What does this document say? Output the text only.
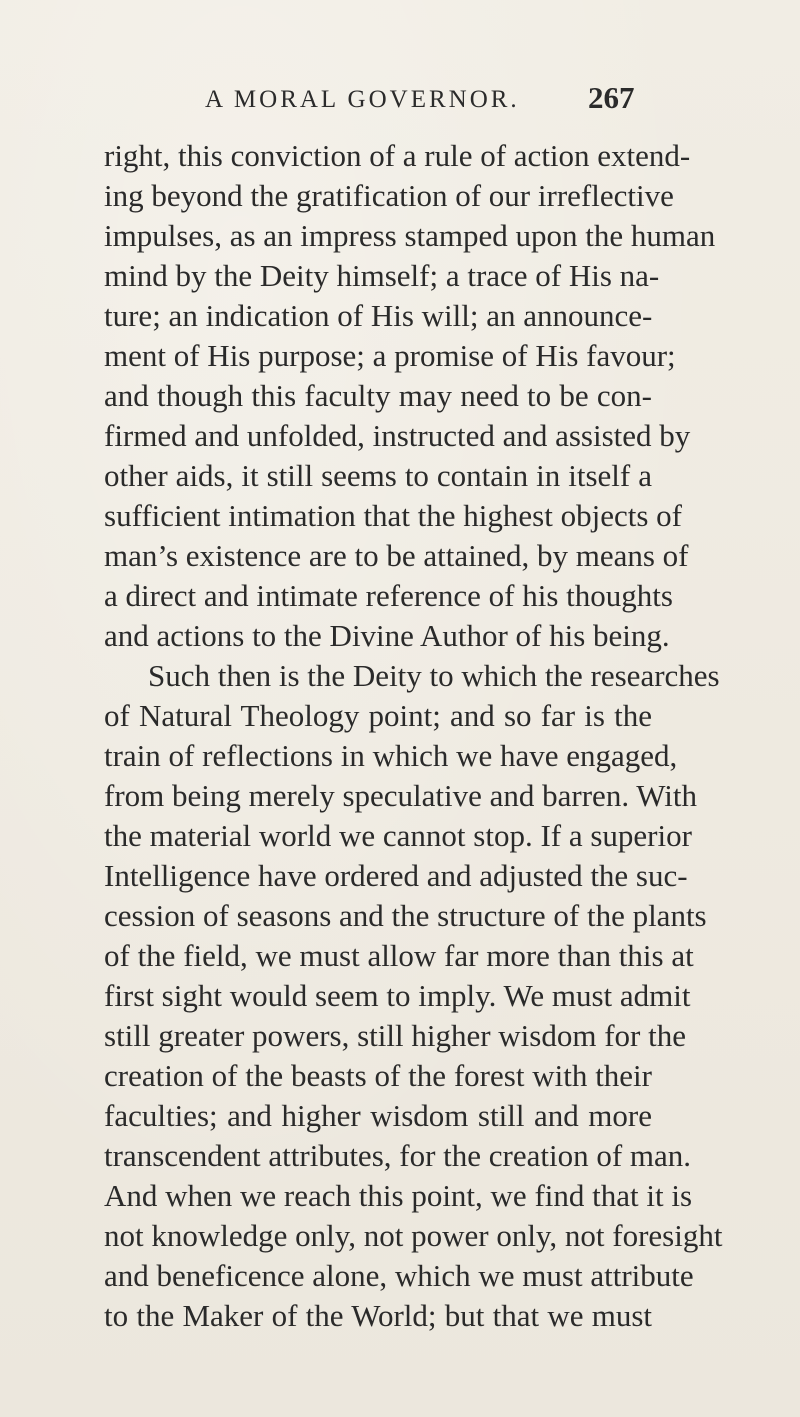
A MORAL GOVERNOR. 267
right, this conviction of a rule of action extend-
ing beyond the gratification of our irreflective
impulses, as an impress stamped upon the human
mind by the Deity himself; a trace of His na-
ture; an indication of His will; an announce-
ment of His purpose; a promise of His favour;
and though this faculty may need to be con-
firmed and unfolded, instructed and assisted by
other aids, it still seems to contain in itself a
sufficient intimation that the highest objects of
man’s existence are to be attained, by means of
a direct and intimate reference of his thoughts
and actions to the Divine Author of his being.
Such then is the Deity to which the researches
of Natural Theology point; and so far is the
train of reflections in which we have engaged,
from being merely speculative and barren. With
the material world we cannot stop. If a superior
Intelligence have ordered and adjusted the suc-
cession of seasons and the structure of the plants
of the field, we must allow far more than this at
first sight would seem to imply. We must admit
still greater powers, still higher wisdom for the
creation of the beasts of the forest with their
faculties; and higher wisdom still and more
transcendent attributes, for the creation of man.
And when we reach this point, we find that it is
not knowledge only, not power only, not foresight
and beneficence alone, which we must attribute
to the Maker of the World; but that we must
